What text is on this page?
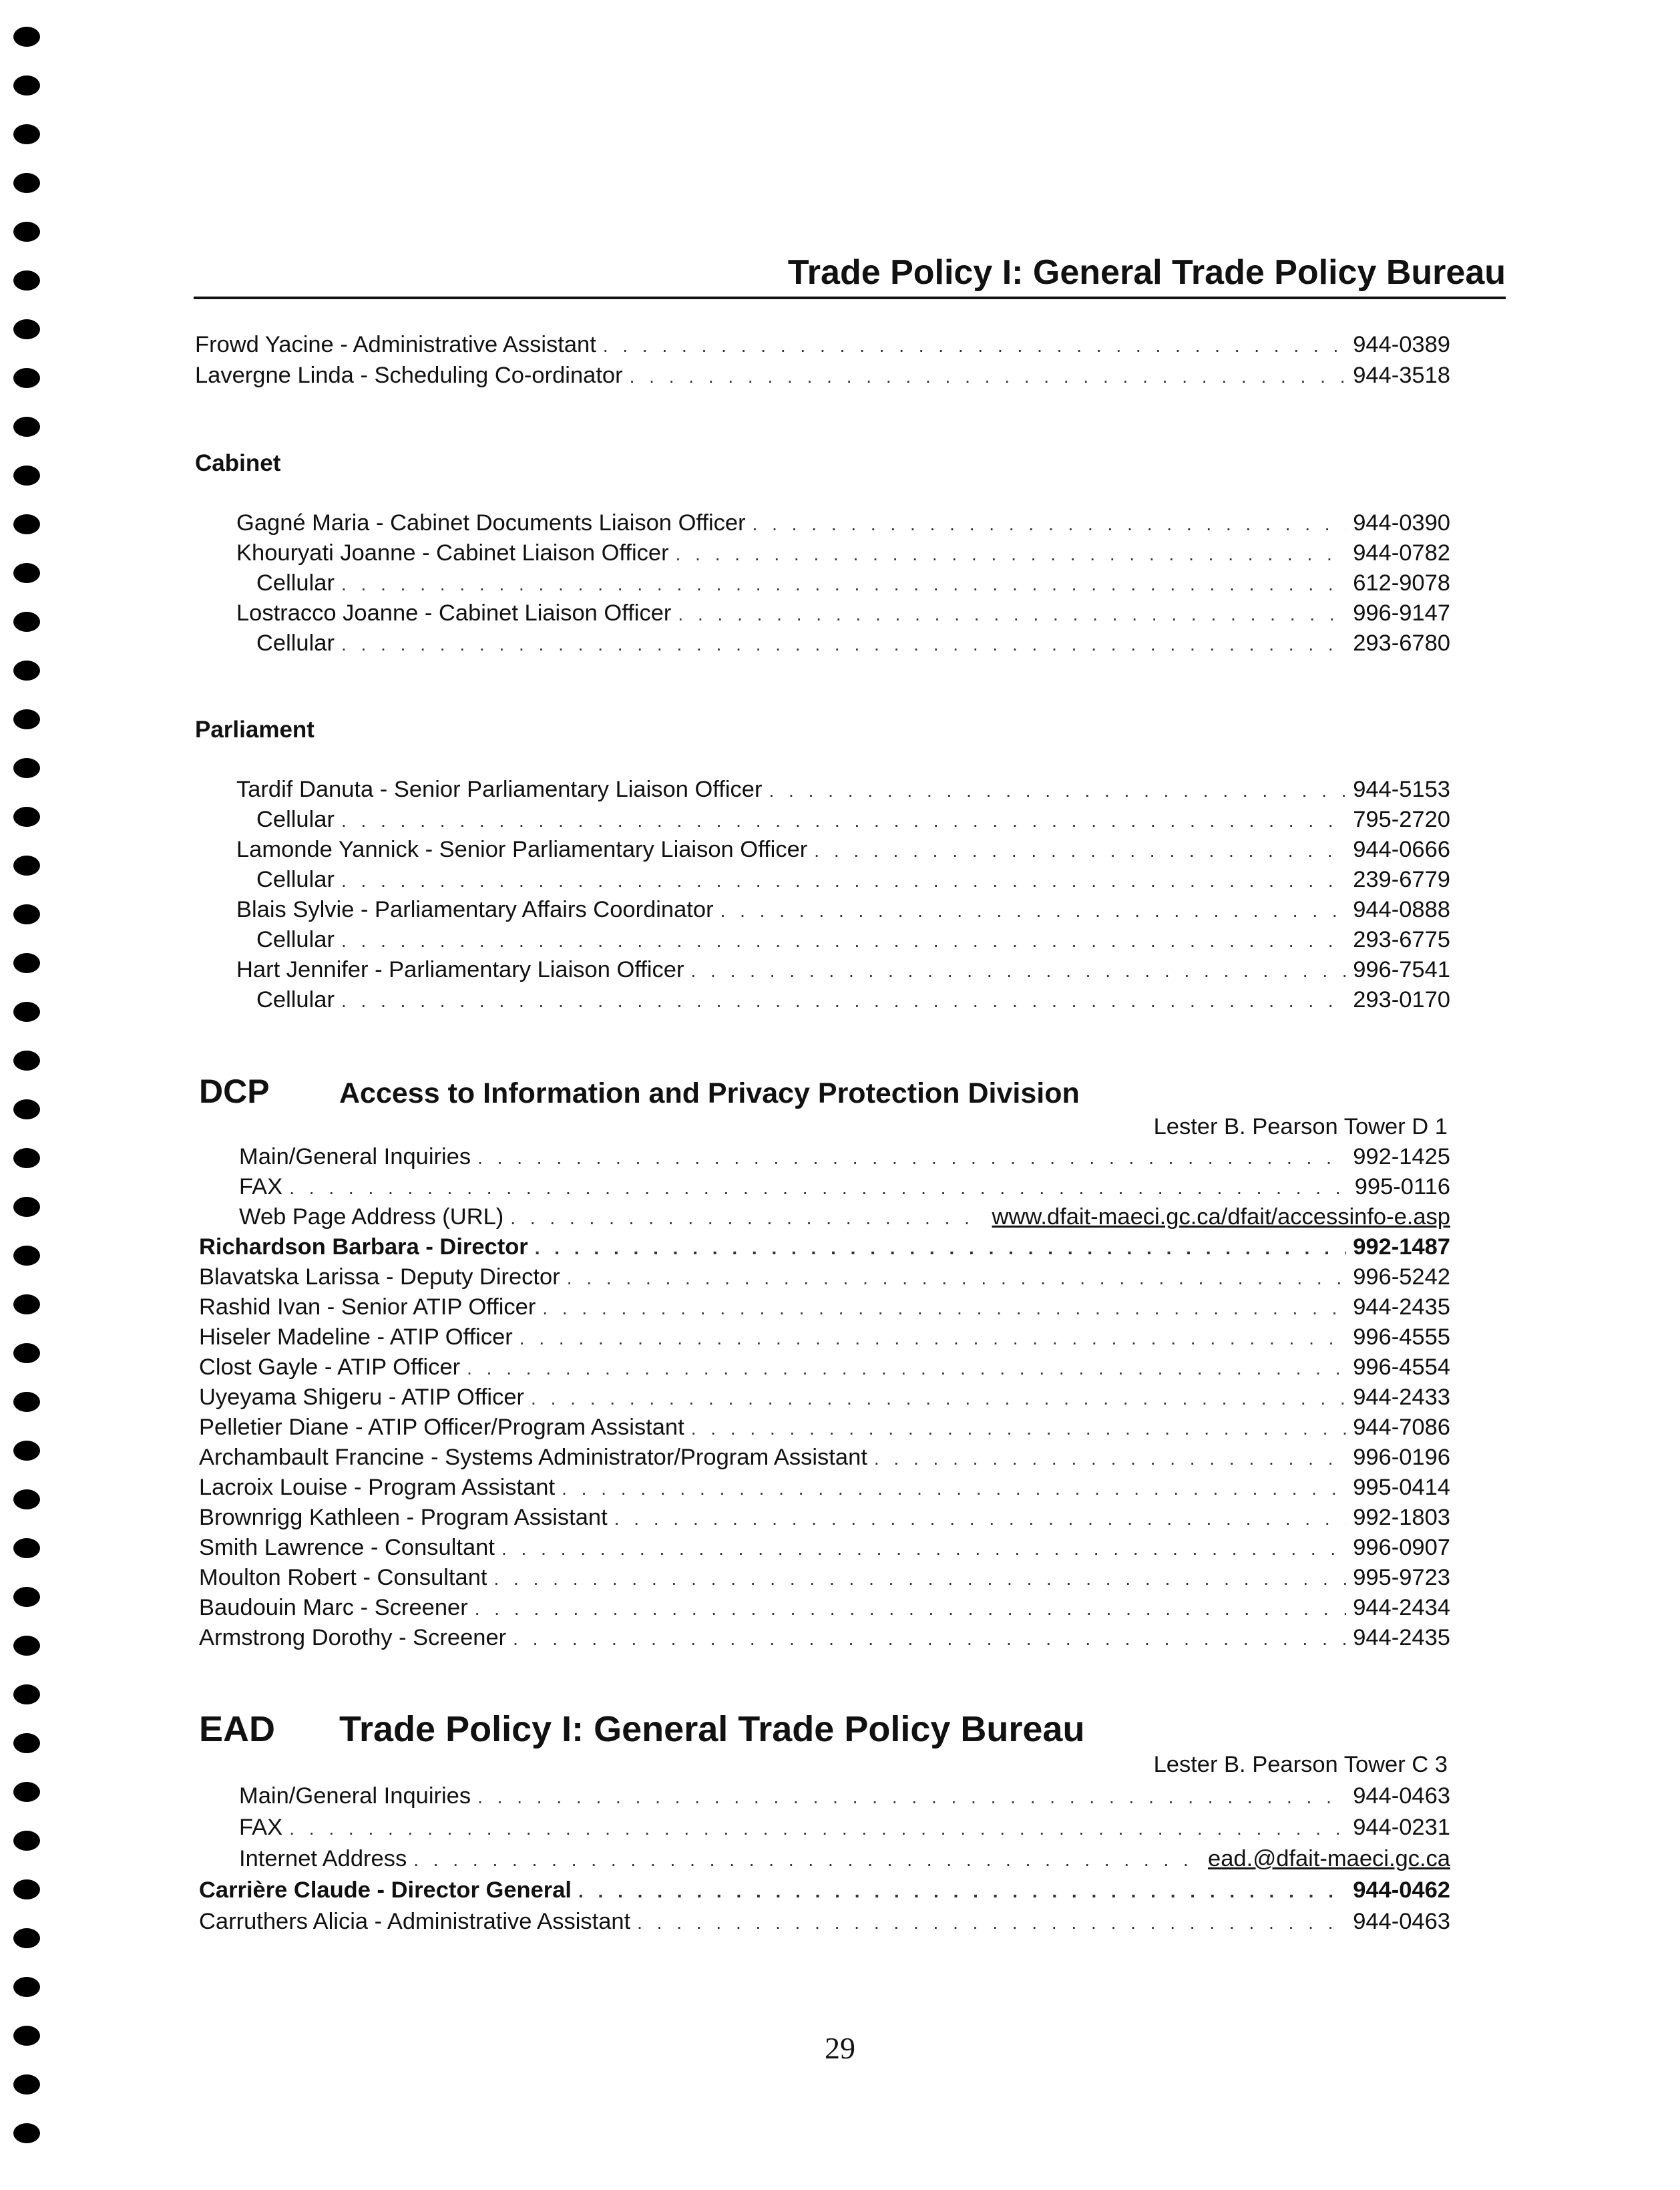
Trade Policy I: General Trade Policy Bureau
Frowd Yacine - Administrative Assistant . . .	944-0389
Lavergne Linda - Scheduling Co-ordinator . . .	944-3518
Cabinet
Gagné Maria - Cabinet Documents Liaison Officer . . .	944-0390
Khouryati Joanne - Cabinet Liaison Officer . . .	944-0782
Cellular . . .	612-9078
Lostracco Joanne - Cabinet Liaison Officer . . .	996-9147
Cellular . . .	293-6780
Parliament
Tardif Danuta - Senior Parliamentary Liaison Officer . . .	944-5153
Cellular . . .	795-2720
Lamonde Yannick - Senior Parliamentary Liaison Officer . . .	944-0666
Cellular . . .	239-6779
Blais Sylvie - Parliamentary Affairs Coordinator . . .	944-0888
Cellular . . .	293-6775
Hart Jennifer - Parliamentary Liaison Officer . . .	996-7541
Cellular . . .	293-0170
DCP	Access to Information and Privacy Protection Division
Lester B. Pearson Tower D 1
Main/General Inquiries . . .	992-1425
FAX . . .	995-0116
Web Page Address (URL) . . .	www.dfait-maeci.gc.ca/dfait/accessinfo-e.asp
Richardson Barbara - Director . . .	992-1487
Blavatska Larissa - Deputy Director . . .	996-5242
Rashid Ivan - Senior ATIP Officer . . .	944-2435
Hiseler Madeline - ATIP Officer . . .	996-4555
Clost Gayle - ATIP Officer . . .	996-4554
Uyeyama Shigeru - ATIP Officer . . .	944-2433
Pelletier Diane - ATIP Officer/Program Assistant . . .	944-7086
Archambault Francine - Systems Administrator/Program Assistant . . .	996-0196
Lacroix Louise - Program Assistant . . .	995-0414
Brownrigg Kathleen - Program Assistant . . .	992-1803
Smith Lawrence - Consultant . . .	996-0907
Moulton Robert - Consultant . . .	995-9723
Baudouin Marc - Screener . . .	944-2434
Armstrong Dorothy - Screener . . .	944-2435
EAD	Trade Policy I: General Trade Policy Bureau
Lester B. Pearson Tower C 3
Main/General Inquiries . . .	944-0463
FAX . . .	944-0231
Internet Address . . .	ead.@dfait-maeci.gc.ca
Carrière Claude - Director General . . .	944-0462
Carruthers Alicia - Administrative Assistant . . .	944-0463
29
